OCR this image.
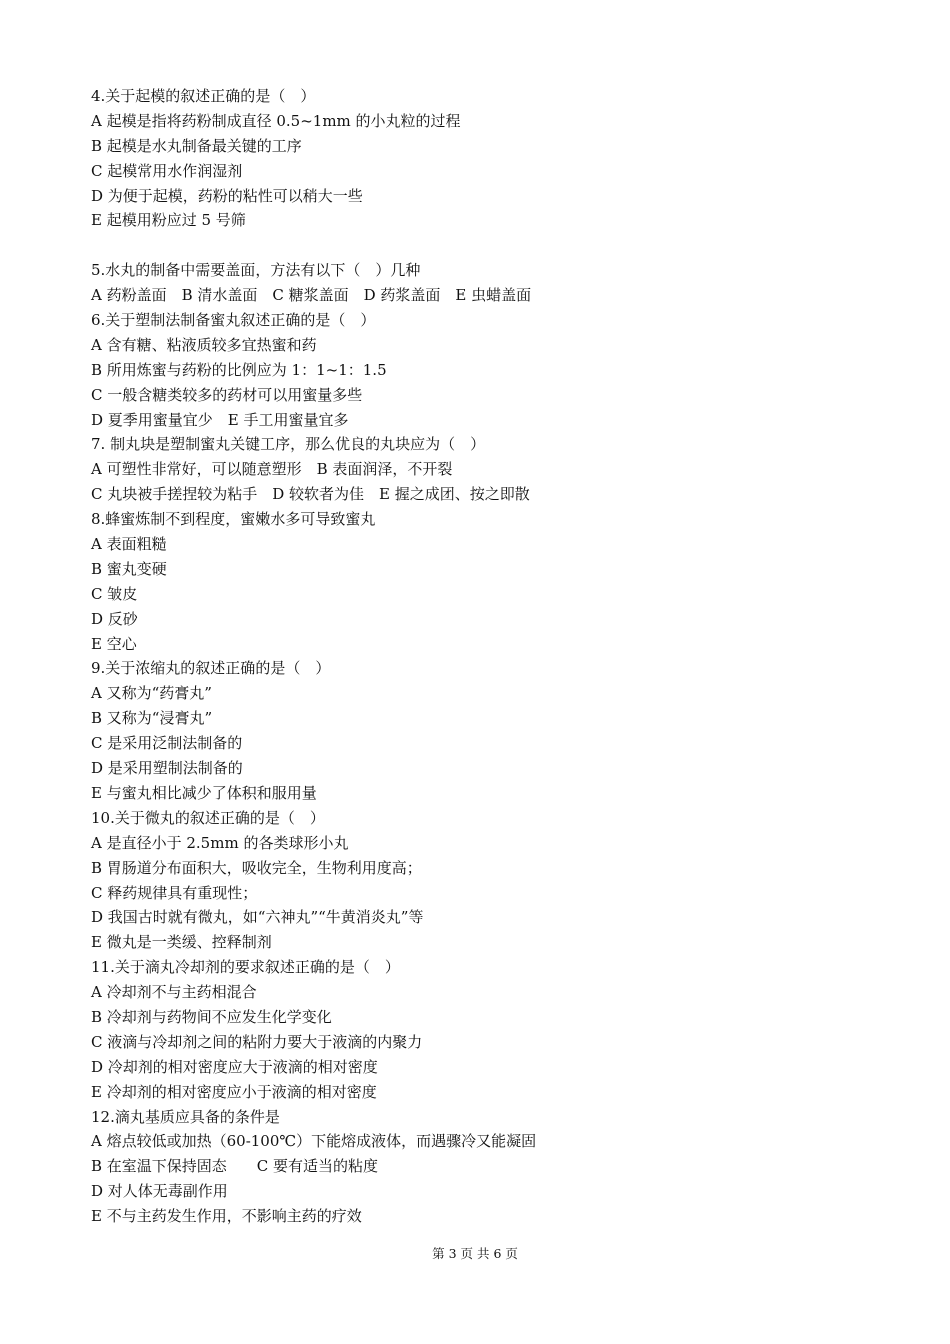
4.关于起模的叙述正确的是（　）
A 起模是指将药粉制成直径 0.5~1mm 的小丸粒的过程
B 起模是水丸制备最关键的工序
C 起模常用水作润湿剂
D 为便于起模，药粉的粘性可以稍大一些
E 起模用粉应过 5 号筛
5.水丸的制备中需要盖面，方法有以下（　）几种
A 药粉盖面　B 清水盖面　C 糖浆盖面　D 药浆盖面　E 虫蜡盖面
6.关于塑制法制备蜜丸叙述正确的是（　）
A 含有糖、粘液质较多宜热蜜和药
B 所用炼蜜与药粉的比例应为 1：1~1：1.5
C 一般含糖类较多的药材可以用蜜量多些
D 夏季用蜜量宜少　E 手工用蜜量宜多
7. 制丸块是塑制蜜丸关键工序，那么优良的丸块应为（　）
A 可塑性非常好，可以随意塑形　B 表面润泽，不开裂
C 丸块被手搓捏较为粘手　D 较软者为佳　E 握之成团、按之即散
8.蜂蜜炼制不到程度，蜜嫩水多可导致蜜丸
A 表面粗糙
B 蜜丸变硬
C 皱皮
D 反砂
E 空心
9.关于浓缩丸的叙述正确的是（　）
A 又称为“药膏丸”
B 又称为“浸膏丸”
C 是采用泛制法制备的
D 是采用塑制法制备的
E 与蜜丸相比减少了体积和服用量
10.关于微丸的叙述正确的是（　）
A 是直径小于 2.5mm 的各类球形小丸
B 胃肠道分布面积大，吸收完全，生物利用度高；
C 释药规律具有重现性；
D 我国古时就有微丸，如“六神丸”“牛黄消炎丸”等
E 微丸是一类缓、控释制剂
11.关于滴丸冷却剂的要求叙述正确的是（　）
A 冷却剂不与主药相混合
B 冷却剂与药物间不应发生化学变化
C 液滴与冷却剂之间的粘附力要大于液滴的内聚力
D 冷却剂的相对密度应大于液滴的相对密度
E 冷却剂的相对密度应小于液滴的相对密度
12.滴丸基质应具备的条件是
A 熔点较低或加热（60-100℃）下能熔成液体，而遇骤冷又能凝固
B 在室温下保持固态　　C 要有适当的粘度
D 对人体无毒副作用
E 不与主药发生作用，不影响主药的疗效
第 3 页 共 6 页
